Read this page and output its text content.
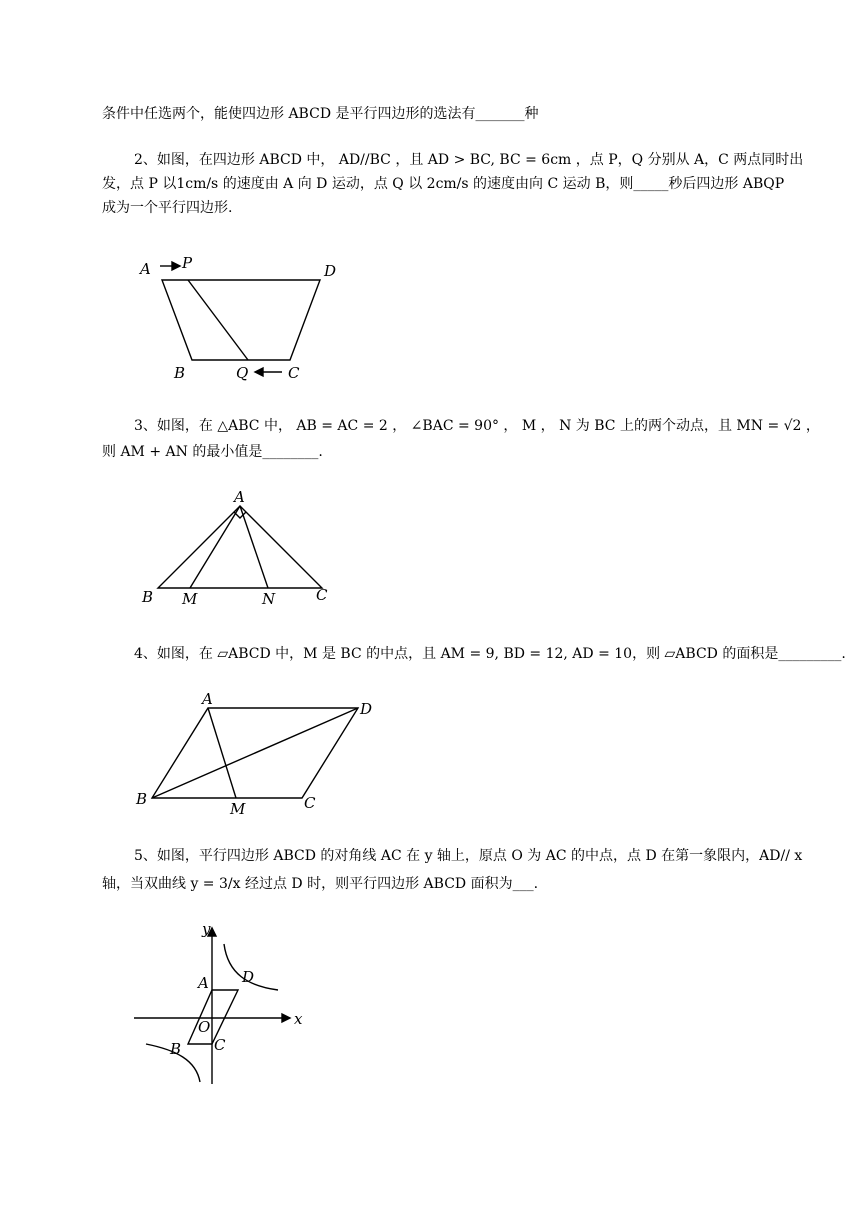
条件中任选两个，能使四边形 ABCD 是平行四边形的选法有_______种
2、如图，在四边形 ABCD 中， AD//BC ，且 AD > BC, BC = 6cm ，点 P，Q 分别从 A，C 两点同时出
发，点 P 以1cm/s 的速度由 A 向 D 运动，点 Q 以 2cm/s 的速度由向 C 运动 B，则_____秒后四边形 ABQP
成为一个平行四边形.
A P	D
B	Q	C
3、如图，在 △ABC 中， AB = AC = 2 ， ∠BAC = 90° ， M ， N 为 BC 上的两个动点，且 MN = √2 ，
则 AM + AN 的最小值是________.
A
B M	N	C
4、如图，在 ▱ABCD 中，M 是 BC 的中点，且 AM = 9, BD = 12, AD = 10，则 ▱ABCD 的面积是_________.
A
D
B
M	C
5、如图，平行四边形 ABCD 的对角线 AC 在 y 轴上，原点 O 为 AC 的中点，点 D 在第一象限内，AD// x
轴，当双曲线 y = 3/x 经过点 D 时，则平行四边形 ABCD 面积为___.
y
x
A D
O
B C
